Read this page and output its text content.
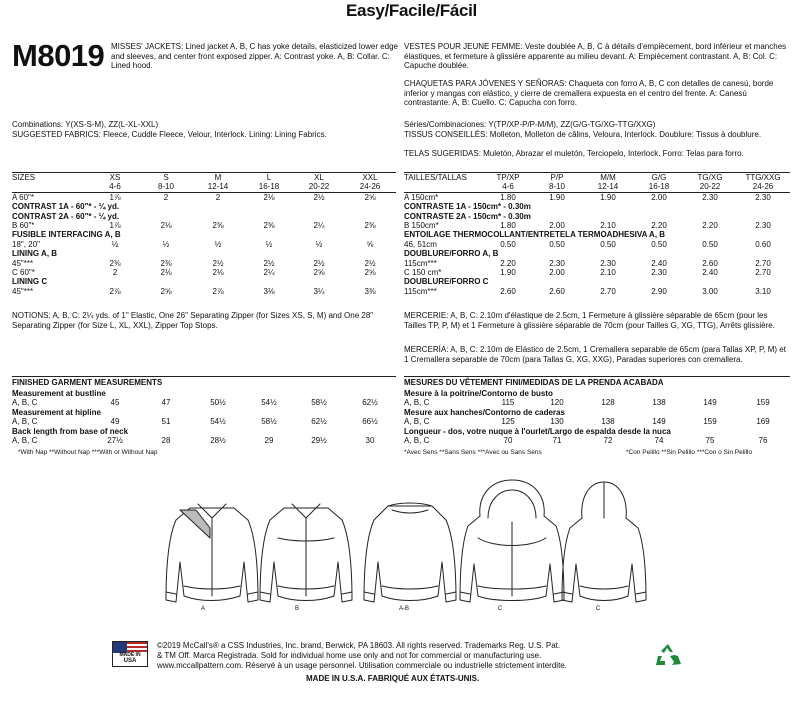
Easy/Facile/Fácil
M8019 MISSES' JACKETS: Lined jacket A, B, C has yoke details, elasticized lower edge and sleeves, and center front exposed zipper. A: Contrast yoke. A, B: Collar. C: Lined hood.
VESTES POUR JEUNE FEMME: Veste doublée A, B, C à détails d'empiècement, bord inférieur et manches élastiques, et fermeture à glissière apparente au milieu devant. A: Empiècement contrastant. A, B: Col. C: Capuche doublée.
CHAQUETAS PARA JÓVENES Y SEÑORAS: Chaqueta con forro A, B, C con detalles de canesú, borde inferior y mangas con elástico, y cierre de cremallera expuesta en el centro del frente. A: Canesú contrastante. A, B: Cuello. C: Capucha con forro.
Combinations: Y(XS-S-M), ZZ(L-XL-XXL)
SUGGESTED FABRICS: Fleece, Cuddle Fleece, Velour, Interlock. Lining: Lining Fabrics.
Séries/Combinaciones: Y(TP/XP-P/P-M/M), ZZ(G/G-TG/XG-TTG/XXG)
TISSUS CONSEILLÉS: Molleton, Molleton de câlins, Veloura, Interlock. Doublure: Tissus à doublure.
TELAS SUGERIDAS: Muletón, Abrazar el muletón, Terciopelo, Interlock. Forro: Telas para forro.
SIZES	XS	S	M	L	XL	XXL
	4-6	8-10	12-14	16-18	20-22	24-26
A 60"*	1⅞	2	2	2⅛	2½	2⅝
CONTRAST 1A - 60"* - ¼ yd.						
CONTRAST 2A - 60"* - ¼ yd.						
B 60"*	1⅞	2⅛	2⅜	2⅜	2¼	2⅜
FUSIBLE INTERFACING A, B						
18", 20"	½	½	½	½	½	⅝
LINING A, B						
45"***	2⅜	2⅜	2½	2½	2½	2½
C 60"*	2	2⅛	2⅛	2¼	2⅝	2⅝
LINING C						
45"***	2⅞	2⅝	2⅞	3⅛	3¼	3⅜
TAILLES/TALLAS	TP/XP	P/P	M/M	G/G	TG/XG	TTG/XXG
	4-6	8-10	12-14	16-18	20-22	24-26
A 150cm*	1.80	1.90	1.90	2.00	2.30	2.30
CONTRASTE 1A - 150cm* - 0.30m						
CONTRASTE 2A - 150cm* - 0.30m						
B 150cm*	1.80	2.00	2.10	2.20	2.20	2.30
ENTOILAGE THERMOCOLLANT/ENTRETELA TERMOADHESIVA A, B						
46, 51cm	0.50	0.50	0.50	0.50	0.50	0.60
DOUBLURE/FORRO A, B						
115cm***	2.20	2.30	2.30	2.40	2.60	2.70
C 150 cm*	1.90	2.00	2.10	2.30	2.40	2.70
DOUBLURE/FORRO C						
115cm***	2.60	2.60	2.70	2.90	3.00	3.10
NOTIONS: A, B, C: 2¼ yds. of 1" Elastic, One 26" Separating Zipper (for Sizes XS, S, M) and One 28" Separating Zipper (for Size L, XL, XXL), Zipper Top Stops.
MERCERIE: A, B, C: 2.10m d'élastique de 2.5cm, 1 Fermeture à glissière séparable de 65cm (pour les Tailles TP, P, M) et 1 Fermeture à glissière séparable de 70cm (pour Tailles G, XG, TTG), Arrêts glissière.
MERCERÍA: A, B, C: 2.10m de Elástico de 2.5cm, 1 Cremallera separable de 65cm (para Tallas XP, P, M) et 1 Cremallera separable de 70cm (para Tallas G, XG, XXG), Paradas superiores con cremallera.
FINISHED GARMENT MEASUREMENTS	MESURES DU VÊTEMENT FINI/MEDIDAS DE LA PRENDA ACABADA
Measurement at bustline						
A, B, C	45	47	50½	54½	58½	62½
Measurement at hipline						
A, B, C	49	51	54½	58½	62½	66½
Back length from base of neck						
A, B, C	27½	28	28½	29	29½	30
Mesure à la poitrine/Contorno de busto						
A, B, C	115	120	128	138	149	159
Mesure aux hanches/Contorno de caderas						
A, B, C	125	130	138	149	159	169
Longueur - dos, votre nuque à l'ourlet/Largo de espalda desde la nuca						
A, B, C	70	71	72	74	75	76
*With Nap **Without Nap ***With or Without Nap	*Avec Sens **Sans Sens ***Avec ou Sans Sens	*Con Pelillo **Sin Pelillo ***Con o Sin Pelillo
A	B	A-B	C	C
MADE IN
USA
©2019 McCall's® a CSS Industries, Inc. brand, Berwick, PA 18603. All rights reserved. Trademarks Reg. U.S. Pat.
& TM Off. Marca Registrada. Sold for individual home use only and not for commercial or manufacturing use.
www.mccallpattern.com. Réservé à un usage personnel. Utilisation commerciale ou industrielle strictement interdite.
MADE IN U.S.A. FABRIQUÉ AUX ÉTATS-UNIS.
